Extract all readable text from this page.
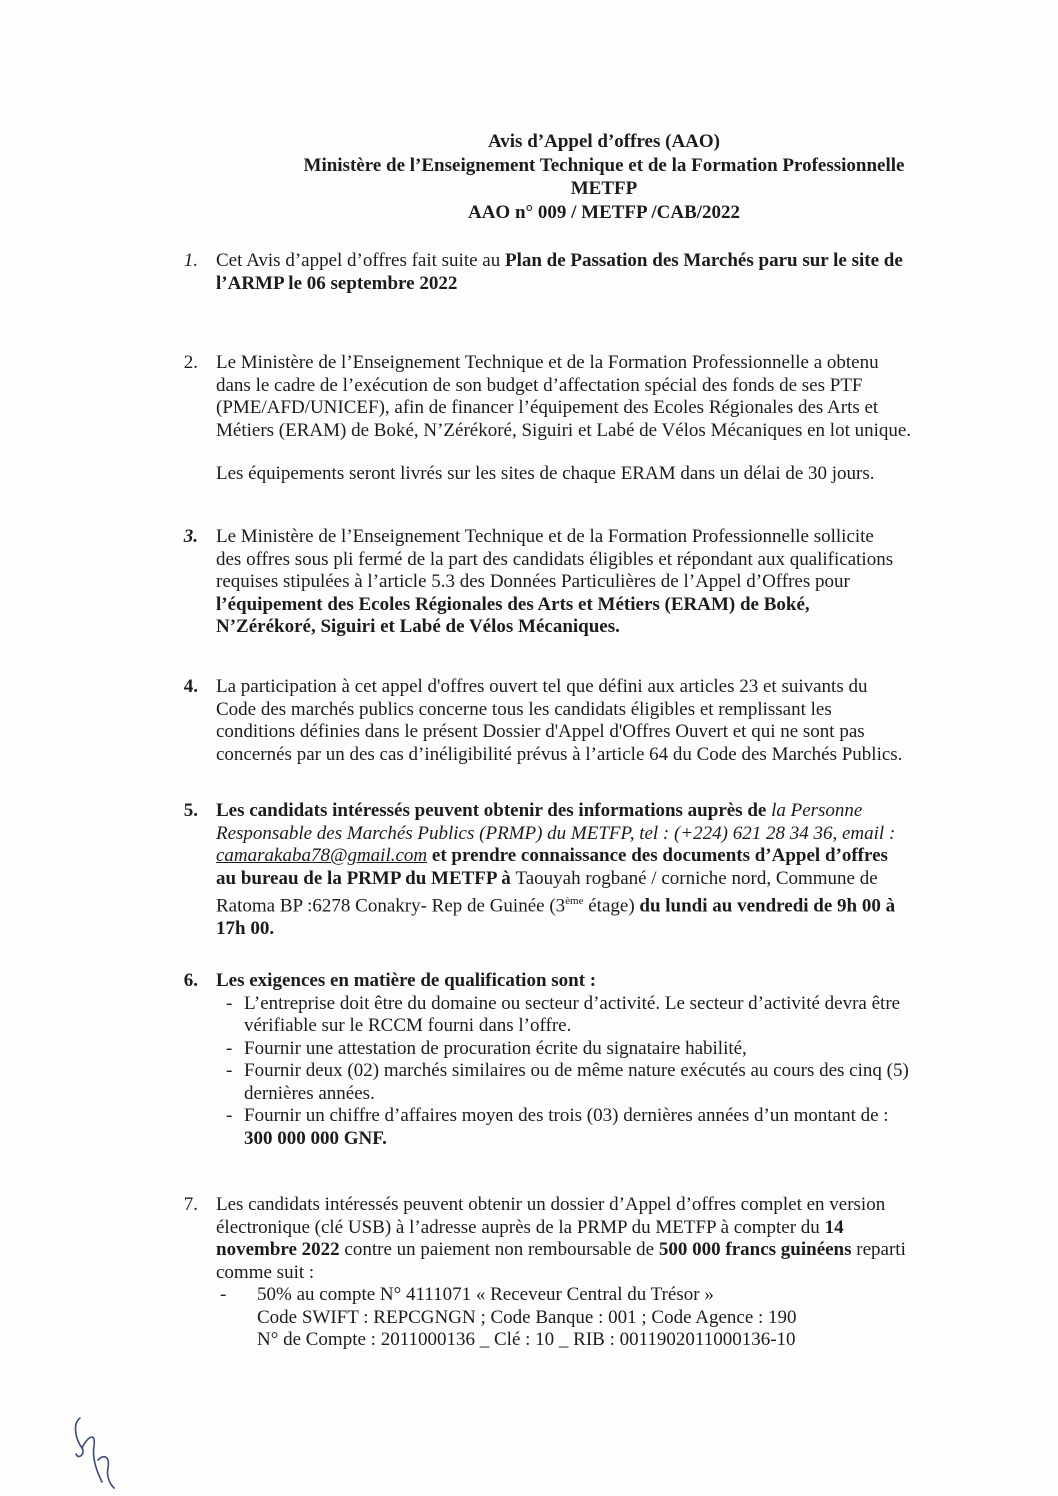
Avis d’Appel d’offres (AAO)
Ministère de l’Enseignement Technique et de la Formation Professionnelle
METFP
AAO n° 009 / METFP /CAB/2022
1. Cet Avis d’appel d’offres fait suite au Plan de Passation des Marchés paru sur le site de
l’ARMP le 06 septembre 2022
2. Le Ministère de l’Enseignement Technique et de la Formation Professionnelle a obtenu
dans le cadre de l’exécution de son budget d’affectation spécial des fonds de ses PTF
(PME/AFD/UNICEF), afin de financer l’équipement des Ecoles Régionales des Arts et
Métiers (ERAM) de Boké, N’Zérékoré, Siguiri et Labé de Vélos Mécaniques en lot unique.
Les équipements seront livrés sur les sites de chaque ERAM dans un délai de 30 jours.
3. Le Ministère de l’Enseignement Technique et de la Formation Professionnelle sollicite
des offres sous pli fermé de la part des candidats éligibles et répondant aux qualifications
requises stipulées à l’article 5.3 des Données Particulières de l’Appel d’Offres pour
l’équipement des Ecoles Régionales des Arts et Métiers (ERAM) de Boké,
N’Zérékoré, Siguiri et Labé de Vélos Mécaniques.
4. La participation à cet appel d'offres ouvert tel que défini aux articles 23 et suivants du
Code des marchés publics concerne tous les candidats éligibles et remplissant les
conditions définies dans le présent Dossier d'Appel d'Offres Ouvert et qui ne sont pas
concernés par un des cas d’inéligibilité prévus à l’article 64 du Code des Marchés Publics.
5. Les candidats intéressés peuvent obtenir des informations auprès de la Personne
Responsable des Marchés Publics (PRMP) du METFP, tel : (+224) 621 28 34 36, email :
camarakaba78@gmail.com et prendre connaissance des documents d’Appel d’offres
au bureau de la PRMP du METFP à Taouyah rogbané / corniche nord, Commune de
Ratoma BP :6278 Conakry- Rep de Guinée (3ème étage) du lundi au vendredi de 9h 00 à
17h 00.
6. Les exigences en matière de qualification sont :
- L’entreprise doit être du domaine ou secteur d’activité. Le secteur d’activité devra être
vérifiable sur le RCCM fourni dans l’offre.
- Fournir une attestation de procuration écrite du signataire habilité,
- Fournir deux (02) marchés similaires ou de même nature exécutés au cours des cinq (5)
dernières années.
- Fournir un chiffre d’affaires moyen des trois (03) dernières années d’un montant de :
300 000 000 GNF.
7. Les candidats intéressés peuvent obtenir un dossier d’Appel d’offres complet en version
électronique (clé USB) à l’adresse auprès de la PRMP du METFP à compter du 14
novembre 2022 contre un paiement non remboursable de 500 000 francs guinéens reparti
comme suit :
- 50% au compte N° 4111071 « Receveur Central du Trésor »
Code SWIFT : REPCGNGN ; Code Banque : 001 ; Code Agence : 190
N° de Compte : 2011000136 _ Clé : 10 _ RIB : 0011902011000136-10
